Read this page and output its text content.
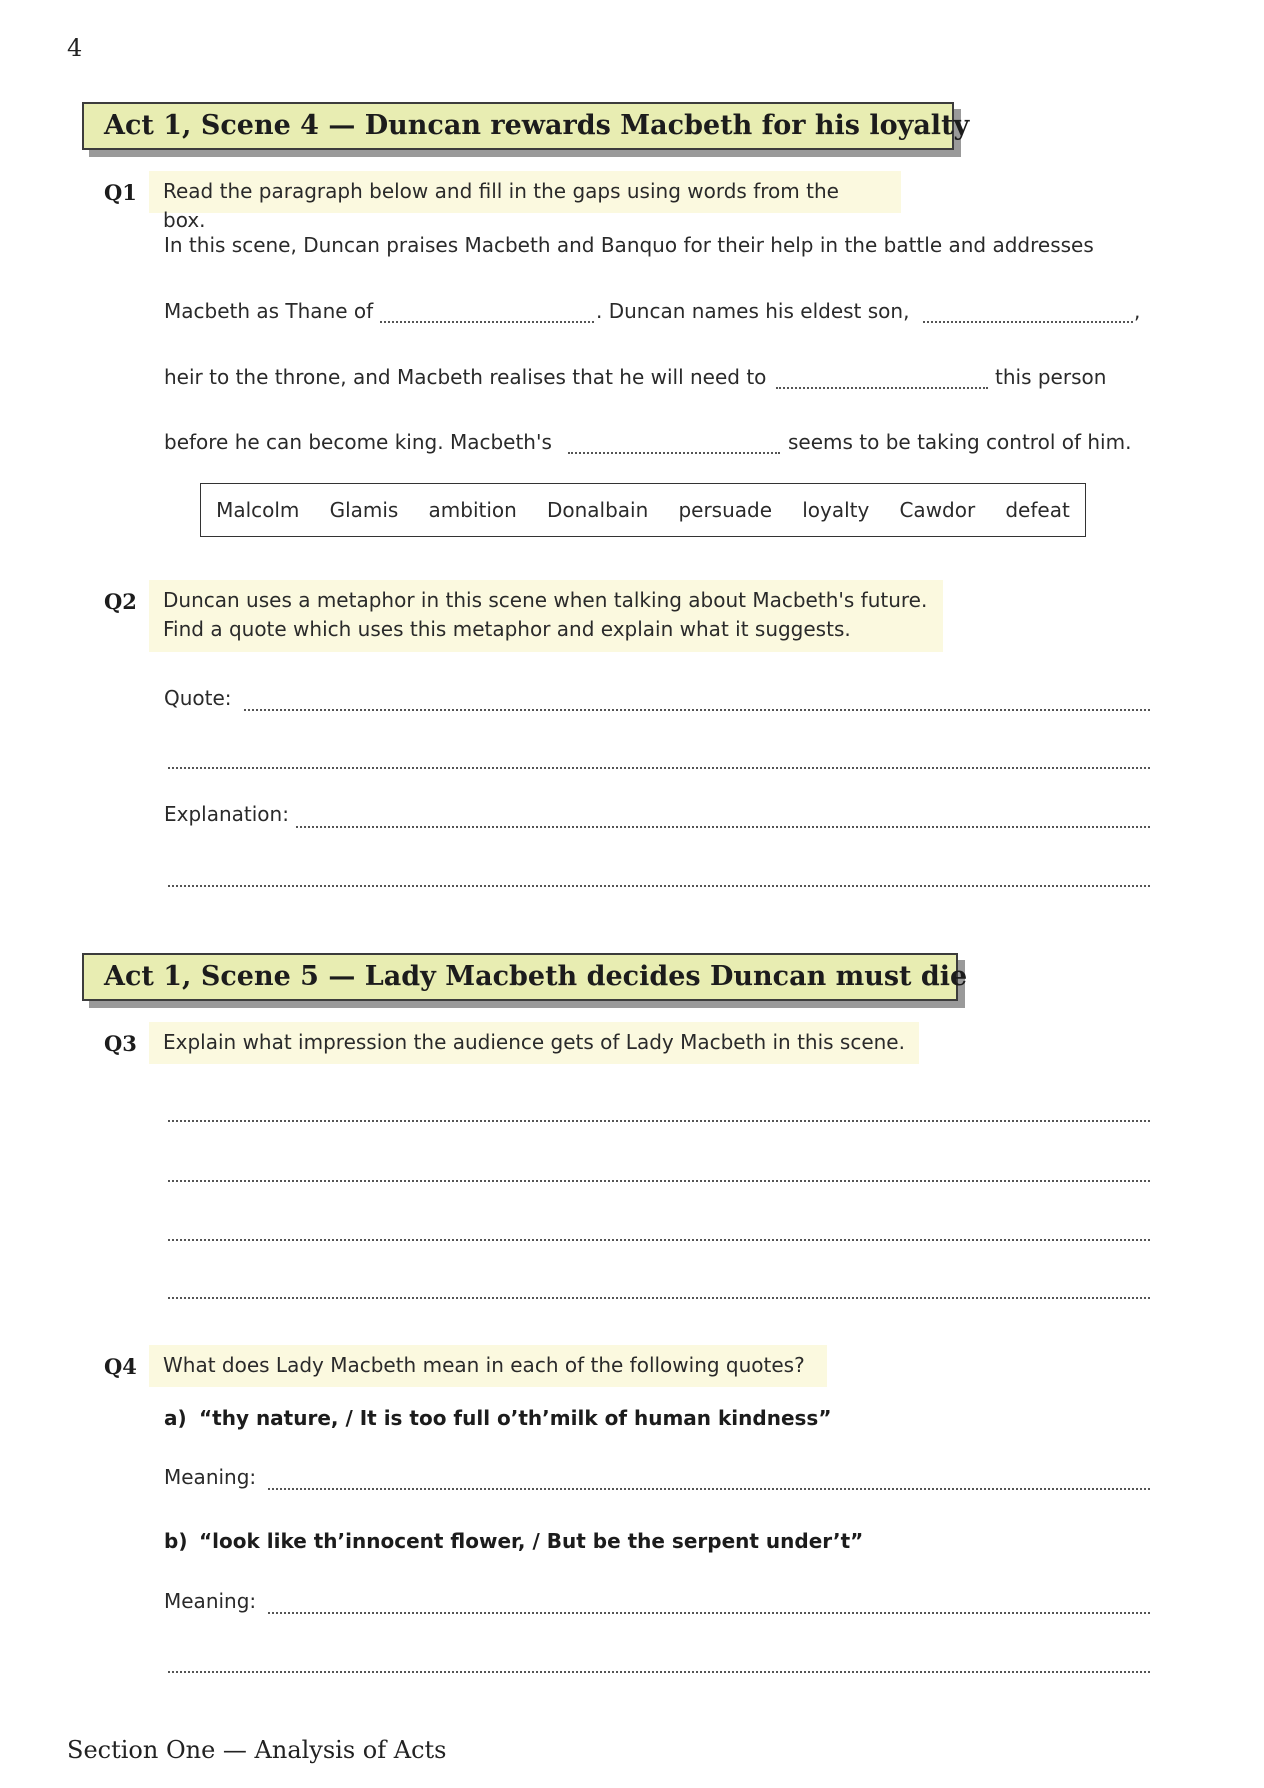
4
Act 1, Scene 4 — Duncan rewards Macbeth for his loyalty
Q1	Read the paragraph below and fill in the gaps using words from the box.
In this scene, Duncan praises Macbeth and Banquo for their help in the battle and addresses
Macbeth as Thane of	. Duncan names his eldest son,	,
heir to the throne, and Macbeth realises that he will need to	this person
before he can become king. Macbeth's	seems to be taking control of him.
Malcolm Glamis ambition Donalbain persuade loyalty Cawdor defeat
Q2 Duncan uses a metaphor in this scene when talking about Macbeth's future.
Find a quote which uses this metaphor and explain what it suggests.
Quote:
Explanation:
Act 1, Scene 5 — Lady Macbeth decides Duncan must die
Q3	Explain what impression the audience gets of Lady Macbeth in this scene.
Q4	What does Lady Macbeth mean in each of the following quotes?
a) “thy nature, / It is too full o’th’milk of human kindness”
Meaning:
b) “look like th’innocent flower, / But be the serpent under’t”
Meaning:
Section One — Analysis of Acts
